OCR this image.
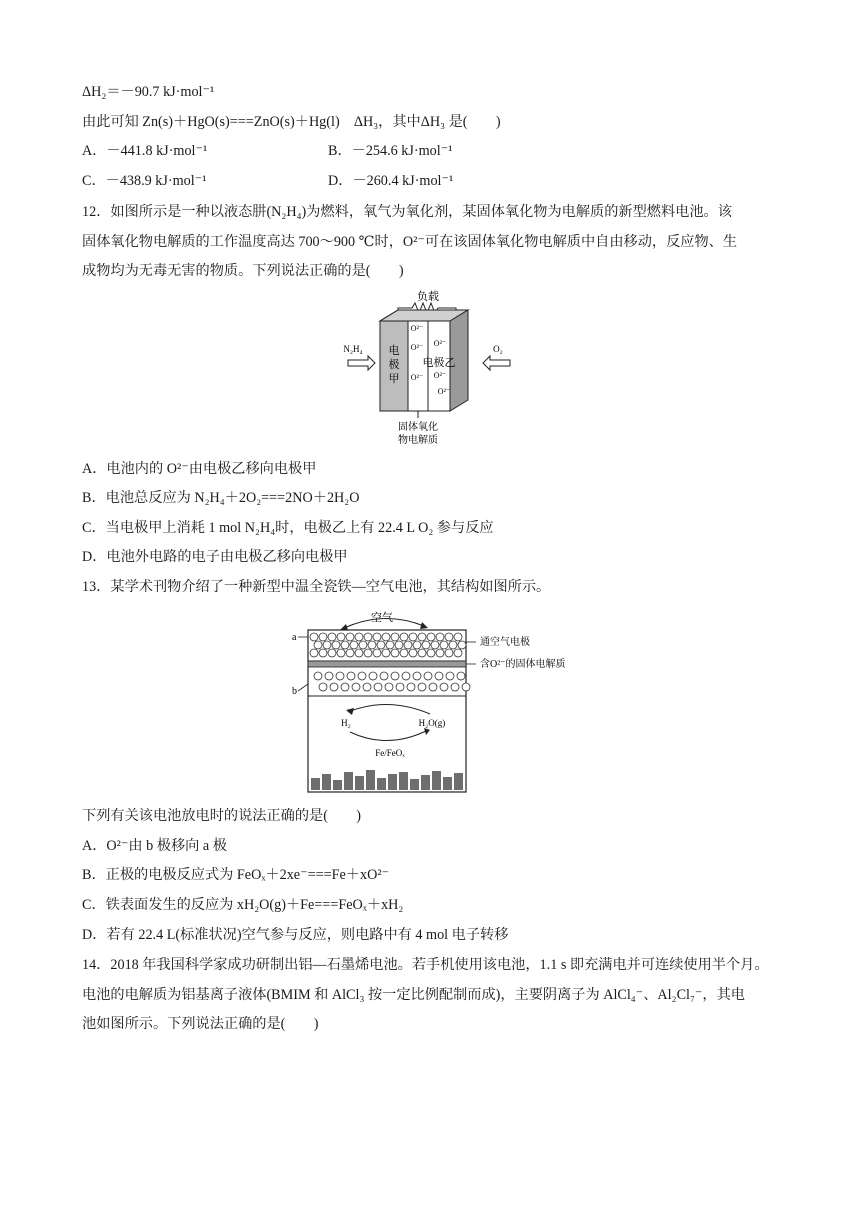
ΔH₂＝－90.7 kJ·mol⁻¹
由此可知 Zn(s)＋HgO(s)===ZnO(s)＋Hg(l)　ΔH₃，其中ΔH₃ 是(　　)
A．－441.8 kJ·mol⁻¹	B．－254.6 kJ·mol⁻¹
C．－438.9 kJ·mol⁻¹	D．－260.4 kJ·mol⁻¹
12．如图所示是一种以液态肼(N₂H₄)为燃料，氧气为氧化剂，某固体氧化物为电解质的新型燃料电池。该
固体氧化物电解质的工作温度高达 700～900 ℃时，O²⁻可在该固体氧化物电解质中自由移动，反应物、生
成物均为无毒无害的物质。下列说法正确的是(　　)
负载
电
极
甲
O²⁻
O²⁻
O²⁻
O²⁻
O²⁻
O²⁻
电极乙
N₂H₄	O₂
固体氧化
物电解质
A．电池内的 O²⁻由电极乙移向电极甲
B．电池总反应为 N₂H₄＋2O₂===2NO＋2H₂O
C．当电极甲上消耗 1 mol N₂H₄时，电极乙上有 22.4 L O₂ 参与反应
D．电池外电路的电子由电极乙移向电极甲
13．某学术刊物介绍了一种新型中温全瓷铁—空气电池，其结构如图所示。
空气
a
b
通空气电极
含O²⁻的固体电解质
H₂	H₂O(g)
Fe/FeOₓ
下列有关该电池放电时的说法正确的是(　　)
A．O²⁻由 b 极移向 a 极
B．正极的电极反应式为 FeOₓ＋2xe⁻===Fe＋xO²⁻
C．铁表面发生的反应为 xH₂O(g)＋Fe===FeOₓ＋xH₂
D．若有 22.4 L(标准状况)空气参与反应，则电路中有 4 mol 电子转移
14．2018 年我国科学家成功研制出铝—石墨烯电池。若手机使用该电池，1.1 s 即充满电并可连续使用半个月。
电池的电解质为铝基离子液体(BMIM 和 AlCl₃ 按一定比例配制而成)，主要阴离子为 AlCl₄⁻、Al₂Cl₇⁻，其电
池如图所示。下列说法正确的是(　　)
